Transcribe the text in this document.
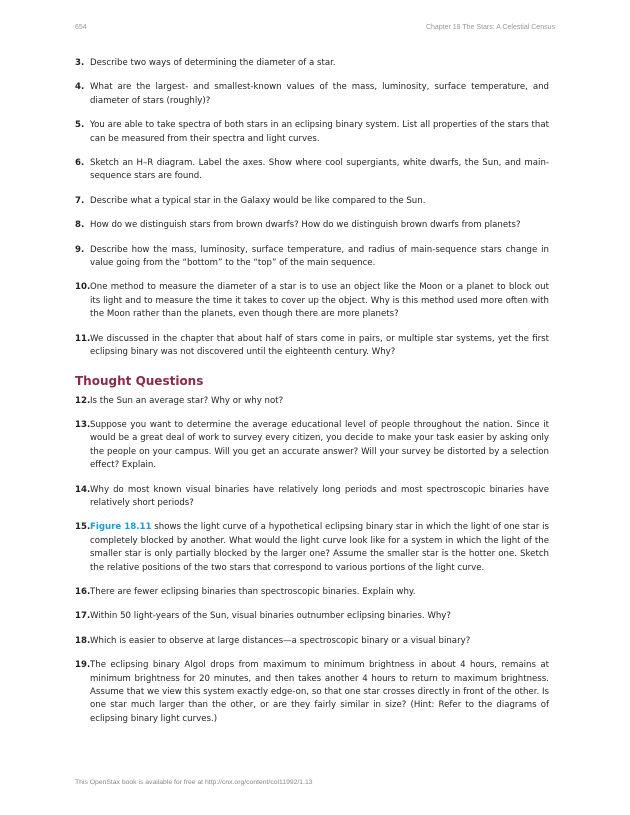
654	Chapter 18 The Stars: A Celestial Census
3. Describe two ways of determining the diameter of a star.
4. What are the largest- and smallest-known values of the mass, luminosity, surface temperature, and diameter of stars (roughly)?
5. You are able to take spectra of both stars in an eclipsing binary system. List all properties of the stars that can be measured from their spectra and light curves.
6. Sketch an H–R diagram. Label the axes. Show where cool supergiants, white dwarfs, the Sun, and main-sequence stars are found.
7. Describe what a typical star in the Galaxy would be like compared to the Sun.
8. How do we distinguish stars from brown dwarfs? How do we distinguish brown dwarfs from planets?
9. Describe how the mass, luminosity, surface temperature, and radius of main-sequence stars change in value going from the “bottom” to the “top” of the main sequence.
10. One method to measure the diameter of a star is to use an object like the Moon or a planet to block out its light and to measure the time it takes to cover up the object. Why is this method used more often with the Moon rather than the planets, even though there are more planets?
11. We discussed in the chapter that about half of stars come in pairs, or multiple star systems, yet the first eclipsing binary was not discovered until the eighteenth century. Why?
Thought Questions
12. Is the Sun an average star? Why or why not?
13. Suppose you want to determine the average educational level of people throughout the nation. Since it would be a great deal of work to survey every citizen, you decide to make your task easier by asking only the people on your campus. Will you get an accurate answer? Will your survey be distorted by a selection effect? Explain.
14. Why do most known visual binaries have relatively long periods and most spectroscopic binaries have relatively short periods?
15. Figure 18.11 shows the light curve of a hypothetical eclipsing binary star in which the light of one star is completely blocked by another. What would the light curve look like for a system in which the light of the smaller star is only partially blocked by the larger one? Assume the smaller star is the hotter one. Sketch the relative positions of the two stars that correspond to various portions of the light curve.
16. There are fewer eclipsing binaries than spectroscopic binaries. Explain why.
17. Within 50 light-years of the Sun, visual binaries outnumber eclipsing binaries. Why?
18. Which is easier to observe at large distances—a spectroscopic binary or a visual binary?
19. The eclipsing binary Algol drops from maximum to minimum brightness in about 4 hours, remains at minimum brightness for 20 minutes, and then takes another 4 hours to return to maximum brightness. Assume that we view this system exactly edge-on, so that one star crosses directly in front of the other. Is one star much larger than the other, or are they fairly similar in size? (Hint: Refer to the diagrams of eclipsing binary light curves.)
This OpenStax book is available for free at http://cnx.org/content/col11992/1.13
